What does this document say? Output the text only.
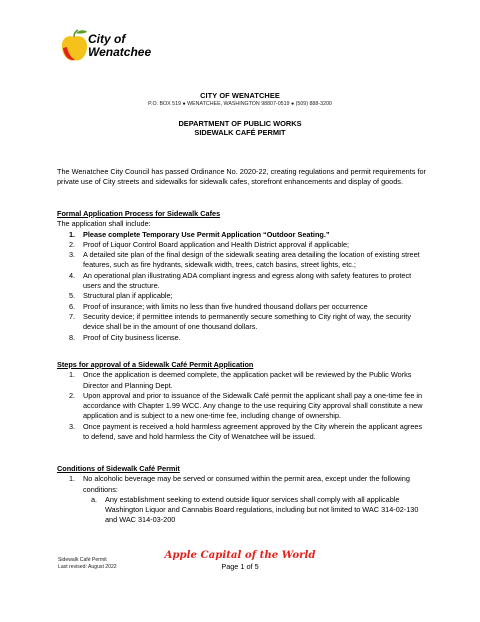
City of
Wenatchee
CITY OF WENATCHEE
P.O. BOX 519 ● WENATCHEE, WASHINGTON 98807-0519 ● (509) 888-3200
DEPARTMENT OF PUBLIC WORKS
SIDEWALK CAFÉ PERMIT

The Wenatchee City Council has passed Ordinance No. 2020-22, creating regulations and permit requirements for private use of City streets and sidewalks for sidewalk cafes, storefront enhancements and display of goods.

Formal Application Process for Sidewalk Cafes

The application shall include:

1. Please complete Temporary Use Permit Application “Outdoor Seating.”
2. Proof of Liquor Control Board application and Health District approval if applicable;
3. A detailed site plan of the final design of the sidewalk seating area detailing the location of existing street features, such as fire hydrants, sidewalk width, trees, catch basins, street lights, etc.;
4. An operational plan illustrating ADA compliant ingress and egress along with safety features to protect users and the structure.
5. Structural plan if applicable;
6. Proof of insurance; with limits no less than five hundred thousand dollars per occurrence
7. Security device; if permittee intends to permanently secure something to City right of way, the security device shall be in the amount of one thousand dollars.
8. Proof of City business license.

Steps for approval of a Sidewalk Café Permit Application

1. Once the application is deemed complete, the application packet will be reviewed by the Public Works Director and Planning Dept.
2. Upon approval and prior to issuance of the Sidewalk Café permit the applicant shall pay a one-time fee in accordance with Chapter 1.99 WCC. Any change to the use requiring City approval shall constitute a new application and is subject to a new one-time fee, including change of ownership.
3. Once payment is received a hold harmless agreement approved by the City wherein the applicant agrees to defend, save and hold harmless the City of Wenatchee will be issued.

Conditions of Sidewalk Café Permit

1. No alcoholic beverage may be served or consumed within the permit area, except under the following conditions:
a. Any establishment seeking to extend outside liquor services shall comply with all applicable Washington Liquor and Cannabis Board regulations, including but not limited to WAC 314-02-130 and WAC 314-03-200
Sidewalk Café Permit
Last revised: August 2022
Apple Capital of the World
Page 1 of 5
